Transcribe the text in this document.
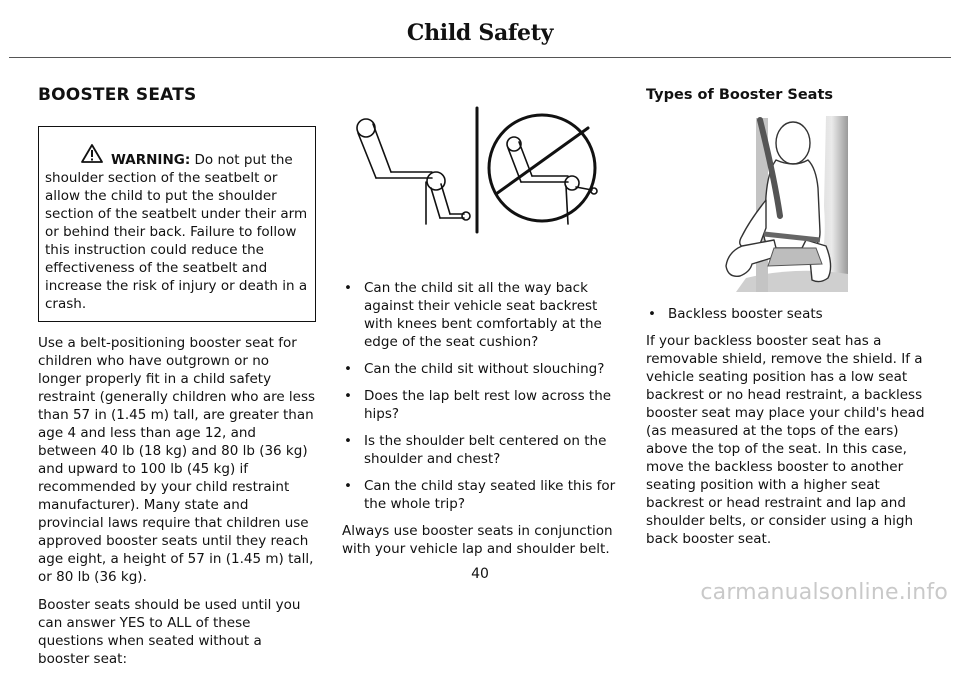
Child Safety
BOOSTER SEATS

WARNING: Do not put the shoulder section of the seatbelt or allow the child to put the shoulder section of the seatbelt under their arm or behind their back. Failure to follow this instruction could reduce the effectiveness of the seatbelt and increase the risk of injury or death in a crash.

Use a belt-positioning booster seat for children who have outgrown or no longer properly fit in a child safety restraint (generally children who are less than 57 in (1.45 m) tall, are greater than age 4 and less than age 12, and between 40 lb (18 kg) and 80 lb (36 kg) and upward to 100 lb (45 kg) if recommended by your child restraint manufacturer). Many state and provincial laws require that children use approved booster seats until they reach age eight, a height of 57 in (1.45 m) tall, or 80 lb (36 kg).

Booster seats should be used until you can answer YES to ALL of these questions when seated without a booster seat:

• Can the child sit all the way back against their vehicle seat backrest with knees bent comfortably at the edge of the seat cushion?
• Can the child sit without slouching?
• Does the lap belt rest low across the hips?
• Is the shoulder belt centered on the shoulder and chest?
• Can the child stay seated like this for the whole trip?

Always use booster seats in conjunction with your vehicle lap and shoulder belt.

Types of Booster Seats
• Backless booster seats

If your backless booster seat has a removable shield, remove the shield. If a vehicle seating position has a low seat backrest or no head restraint, a backless booster seat may place your child's head (as measured at the tops of the ears) above the top of the seat. In this case, move the backless booster to another seating position with a higher seat backrest or head restraint and lap and shoulder belts, or consider using a high back booster seat.

40
carmanualsonline.info
